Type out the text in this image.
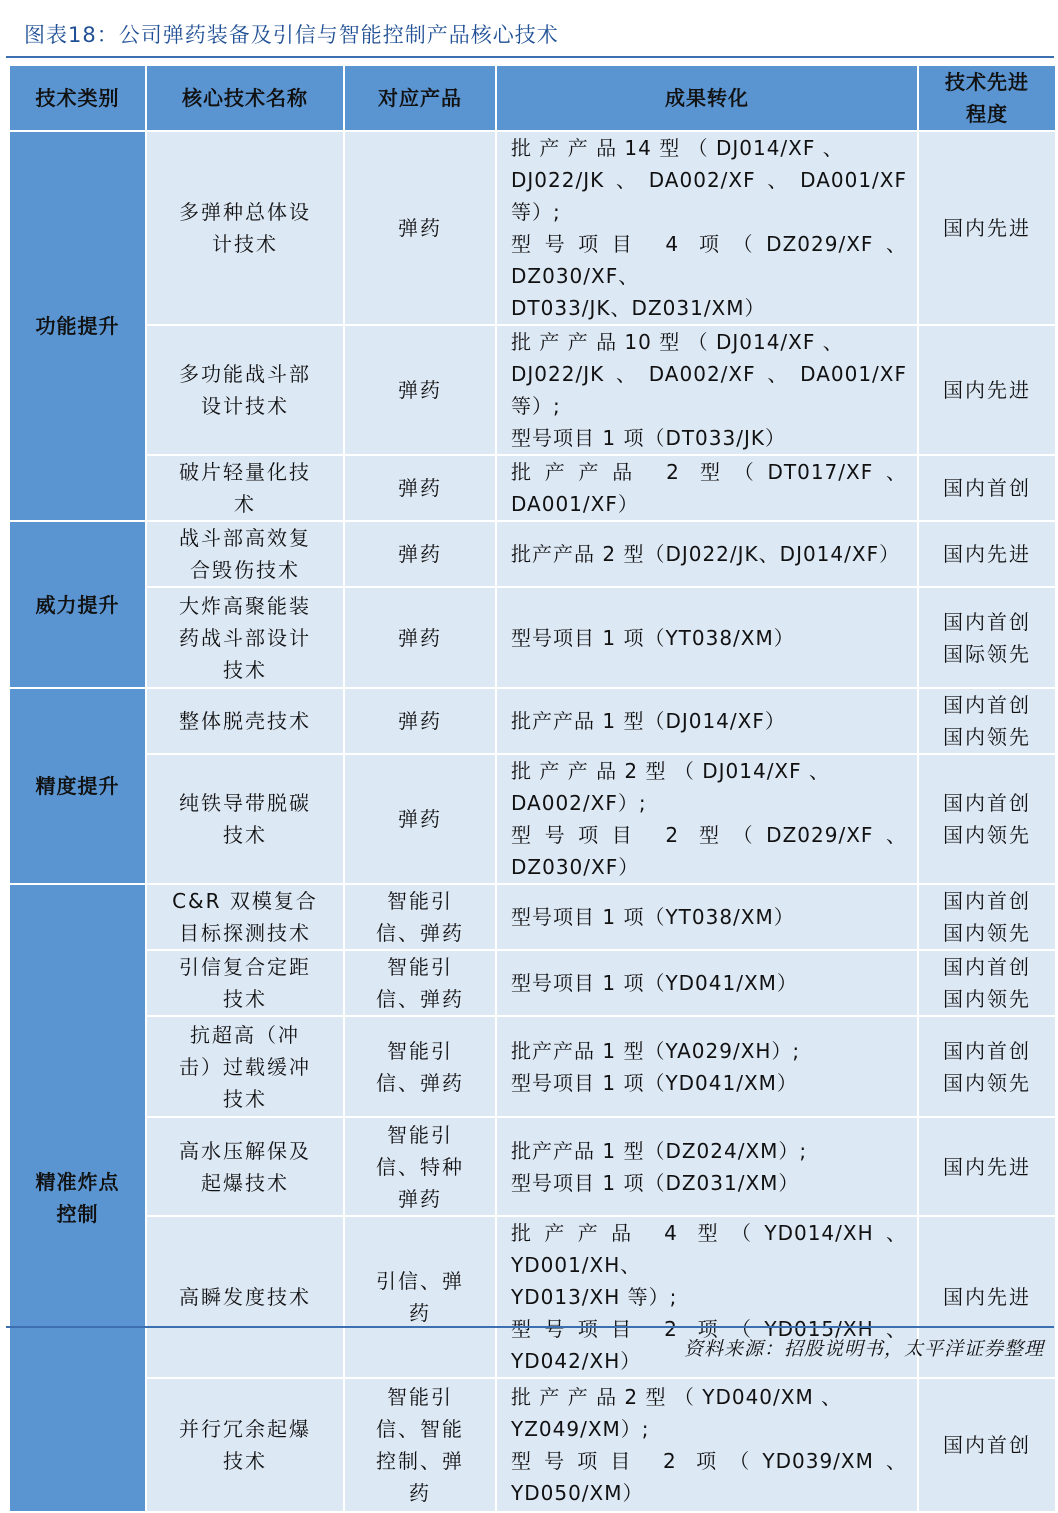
图表18：公司弹药装备及引信与智能控制产品核心技术
技术类别	核心技术名称	对应产品	成果转化	技术先进
程度

功能提升	多弹种总体设
计技术	弹药	批 产 产 品 14 型 （ DJ014/XF 、
DJ022/JK、DA002/XF、DA001/XF 等）;
型号项目 4 项（DZ029/XF、DZ030/XF、
DT033/JK、DZ031/XM）	国内先进

	多功能战斗部
设计技术	弹药	批 产 产 品 10 型 （ DJ014/XF 、
DJ022/JK、DA002/XF、DA001/XF 等）;
型号项目 1 项（DT033/JK）	国内先进

	破片轻量化技
术	弹药	批产产品 2 型（DT017/XF、DA001/XF）	国内首创

威力提升	战斗部高效复
合毁伤技术	弹药	批产产品 2 型（DJ022/JK、DJ014/XF）	国内先进

	大炸高聚能装
药战斗部设计
技术	弹药	型号项目 1 项（YT038/XM）	国内首创
国际领先

精度提升	整体脱壳技术	弹药	批产产品 1 型（DJ014/XF）	国内首创
国内领先

	纯铁导带脱碳
技术	弹药	批 产 产 品 2 型 （ DJ014/XF 、
DA002/XF）;
型号项目 2 型（DZ029/XF、DZ030/XF）	国内首创
国内领先

精准炸点
控制	C&R 双模复合
目标探测技术	智能引
信、弹药	型号项目 1 项（YT038/XM）	国内首创
国内领先

	引信复合定距
技术	智能引
信、弹药	型号项目 1 项（YD041/XM）	国内首创
国内领先

	抗超高（冲
击）过载缓冲
技术	智能引
信、弹药	批产产品 1 型（YA029/XH）;
型号项目 1 项（YD041/XM）	国内首创
国内领先

	高水压解保及
起爆技术	智能引
信、特种
弹药	批产产品 1 型（DZ024/XM）;
型号项目 1 项（DZ031/XM）	国内先进

	高瞬发度技术	引信、弹
药	批产产品 4 型（YD014/XH、YD001/XH、
YD013/XH 等）;
型号项目 2 项（YD015/XH、YD042/XH）	国内先进

	并行冗余起爆
技术	智能引
信、智能
控制、弹
药	批 产 产 品 2 型 （ YD040/XM 、
YZ049/XM）;
型号项目 2 项（YD039/XM、YD050/XM）	国内首创
资料来源：招股说明书，太平洋证券整理
